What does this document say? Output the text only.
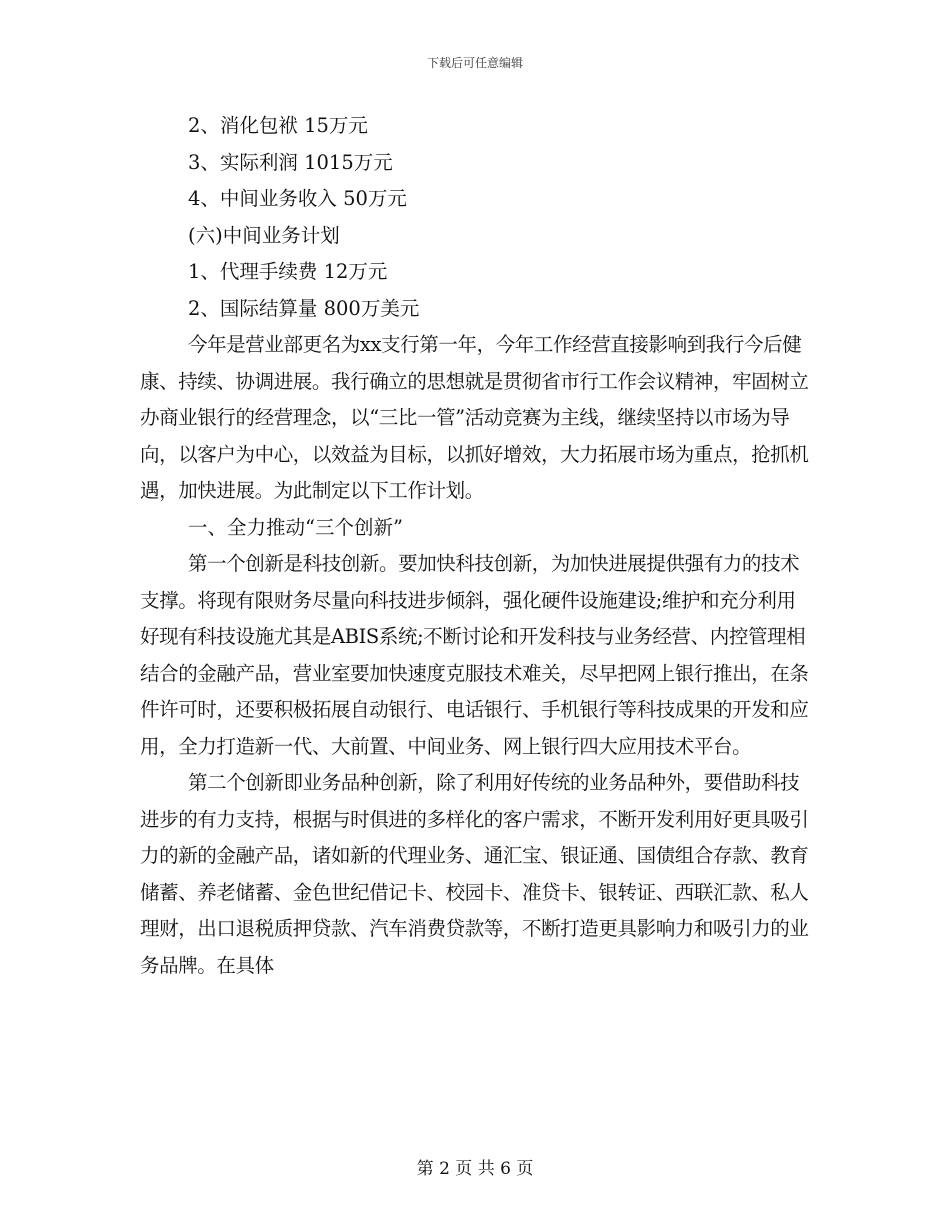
下载后可任意编辑

2、消化包袱 15万元

3、实际利润 1015万元

4、中间业务收入 50万元

(六)中间业务计划

1、代理手续费 12万元

2、国际结算量 800万美元

今年是营业部更名为xx支行第一年，今年工作经营直接影响到我行今后健康、持续、协调进展。我行确立的思想就是贯彻省市行工作会议精神，牢固树立办商业银行的经营理念，以“三比一管”活动竞赛为主线，继续坚持以市场为导向，以客户为中心，以效益为目标，以抓好增效，大力拓展市场为重点，抢抓机遇，加快进展。为此制定以下工作计划。

一、全力推动“三个创新”

第一个创新是科技创新。要加快科技创新，为加快进展提供强有力的技术支撑。将现有限财务尽量向科技进步倾斜，强化硬件设施建设;维护和充分利用好现有科技设施尤其是ABIS系统;不断讨论和开发科技与业务经营、内控管理相结合的金融产品，营业室要加快速度克服技术难关，尽早把网上银行推出，在条件许可时，还要积极拓展自动银行、电话银行、手机银行等科技成果的开发和应用，全力打造新一代、大前置、中间业务、网上银行四大应用技术平台。

第二个创新即业务品种创新，除了利用好传统的业务品种外，要借助科技进步的有力支持，根据与时俱进的多样化的客户需求，不断开发利用好更具吸引力的新的金融产品，诸如新的代理业务、通汇宝、银证通、国债组合存款、教育储蓄、养老储蓄、金色世纪借记卡、校园卡、准贷卡、银转证、西联汇款、私人理财，出口退税质押贷款、汽车消费贷款等，不断打造更具影响力和吸引力的业务品牌。在具体

第 2 页 共 6 页
